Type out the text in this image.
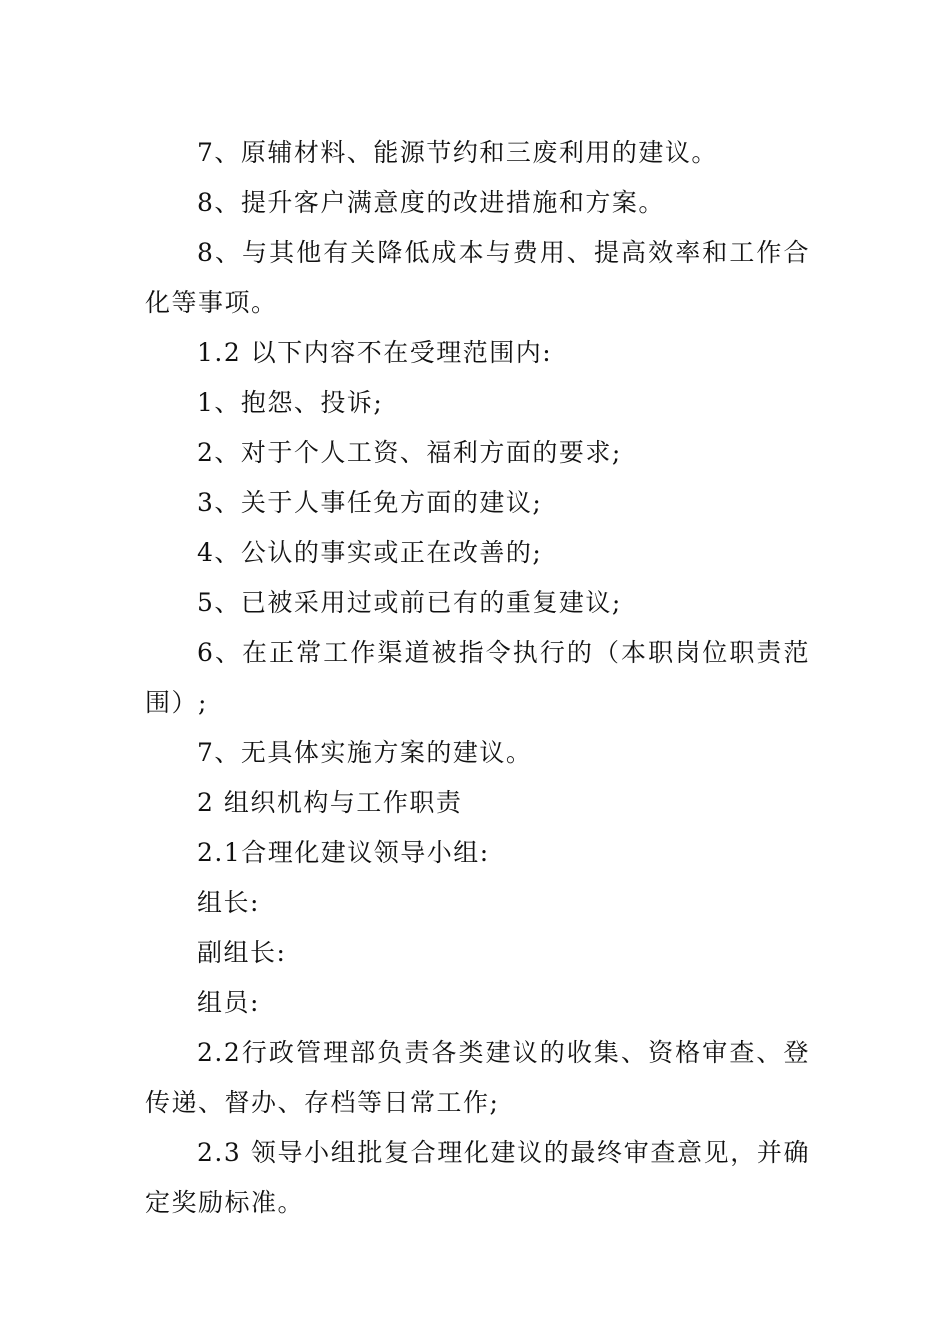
7、原辅材料、能源节约和三废利用的建议。
8、提升客户满意度的改进措施和方案。
8、与其他有关降低成本与费用、提高效率和工作合
化等事项。
1.2 以下内容不在受理范围内:
1、抱怨、投诉;
2、对于个人工资、福利方面的要求;
3、关于人事任免方面的建议;
4、公认的事实或正在改善的;
5、已被采用过或前已有的重复建议;
6、在正常工作渠道被指令执行的（本职岗位职责范
围）;
7、无具体实施方案的建议。
2 组织机构与工作职责
2.1合理化建议领导小组:
组长:
副组长:
组员:
2.2行政管理部负责各类建议的收集、资格审查、登
传递、督办、存档等日常工作;
2.3 领导小组批复合理化建议的最终审查意见，并确
定奖励标准。
